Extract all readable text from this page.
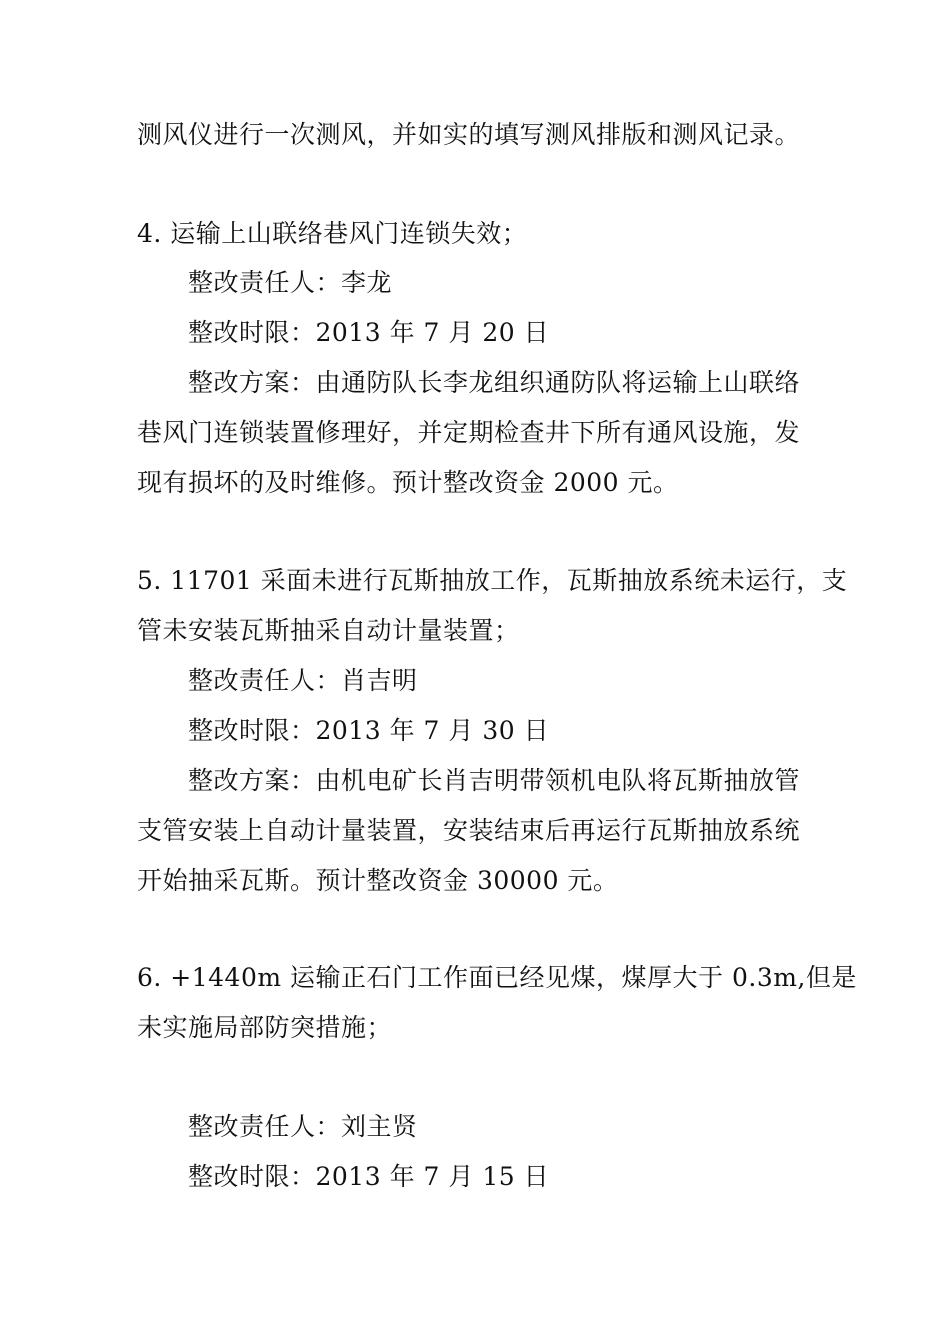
测风仪进行一次测风，并如实的填写测风排版和测风记录。
4. 运输上山联络巷风门连锁失效；
整改责任人：李龙
整改时限：2013 年 7 月 20 日
整改方案：由通防队长李龙组织通防队将运输上山联络
巷风门连锁装置修理好，并定期检查井下所有通风设施，发
现有损坏的及时维修。预计整改资金 2000 元。
5. 11701 采面未进行瓦斯抽放工作，瓦斯抽放系统未运行，支
管未安装瓦斯抽采自动计量装置；
整改责任人：肖吉明
整改时限：2013 年 7 月 30 日
整改方案：由机电矿长肖吉明带领机电队将瓦斯抽放管
支管安装上自动计量装置，安装结束后再运行瓦斯抽放系统
开始抽采瓦斯。预计整改资金 30000 元。
6. +1440m 运输正石门工作面已经见煤，煤厚大于 0.3m,但是
未实施局部防突措施；
整改责任人：刘主贤
整改时限：2013 年 7 月 15 日
